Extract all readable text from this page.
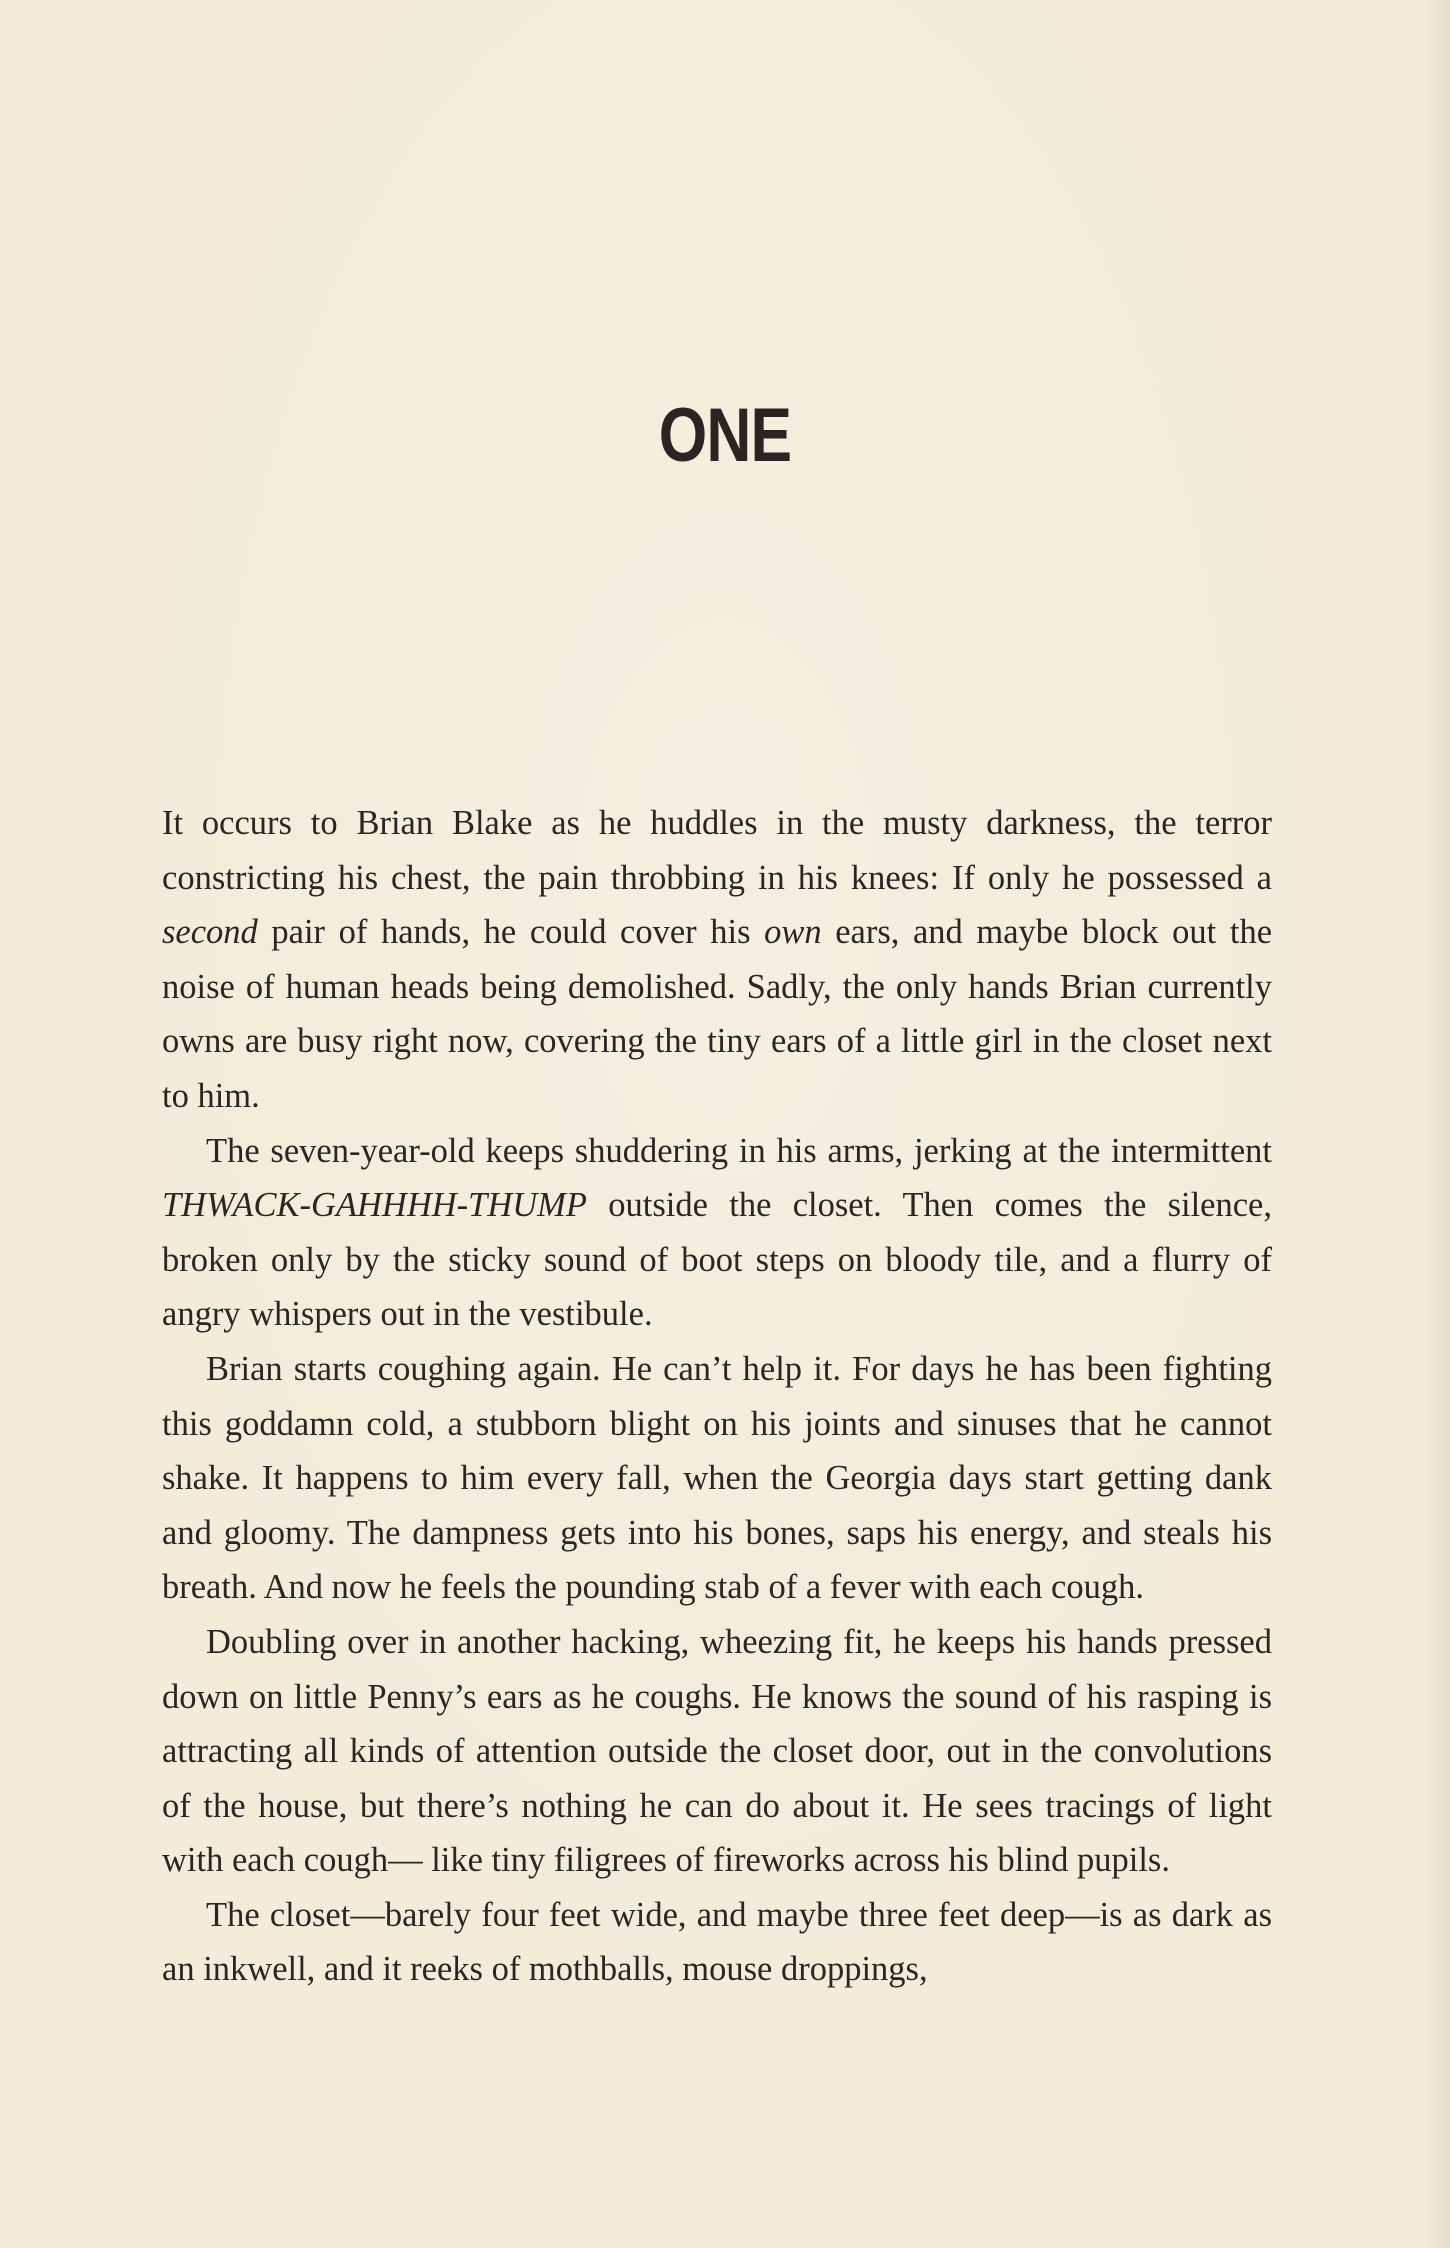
ONE

It occurs to Brian Blake as he huddles in the musty darkness, the terror constricting his chest, the pain throbbing in his knees: If only he possessed a second pair of hands, he could cover his own ears, and maybe block out the noise of human heads being demolished. Sadly, the only hands Brian currently owns are busy right now, covering the tiny ears of a little girl in the closet next to him.

The seven-year-old keeps shuddering in his arms, jerking at the intermittent THWACK-GAHHHH-THUMP outside the closet. Then comes the silence, broken only by the sticky sound of boot steps on bloody tile, and a flurry of angry whispers out in the vestibule.

Brian starts coughing again. He can’t help it. For days he has been fighting this goddamn cold, a stubborn blight on his joints and sinuses that he cannot shake. It happens to him every fall, when the Georgia days start getting dank and gloomy. The dampness gets into his bones, saps his energy, and steals his breath. And now he feels the pounding stab of a fever with each cough.

Doubling over in another hacking, wheezing fit, he keeps his hands pressed down on little Penny’s ears as he coughs. He knows the sound of his rasping is attracting all kinds of attention outside the closet door, out in the convolutions of the house, but there’s nothing he can do about it. He sees tracings of light with each cough— like tiny filigrees of fireworks across his blind pupils.

The closet—barely four feet wide, and maybe three feet deep—is as dark as an inkwell, and it reeks of mothballs, mouse droppings,
